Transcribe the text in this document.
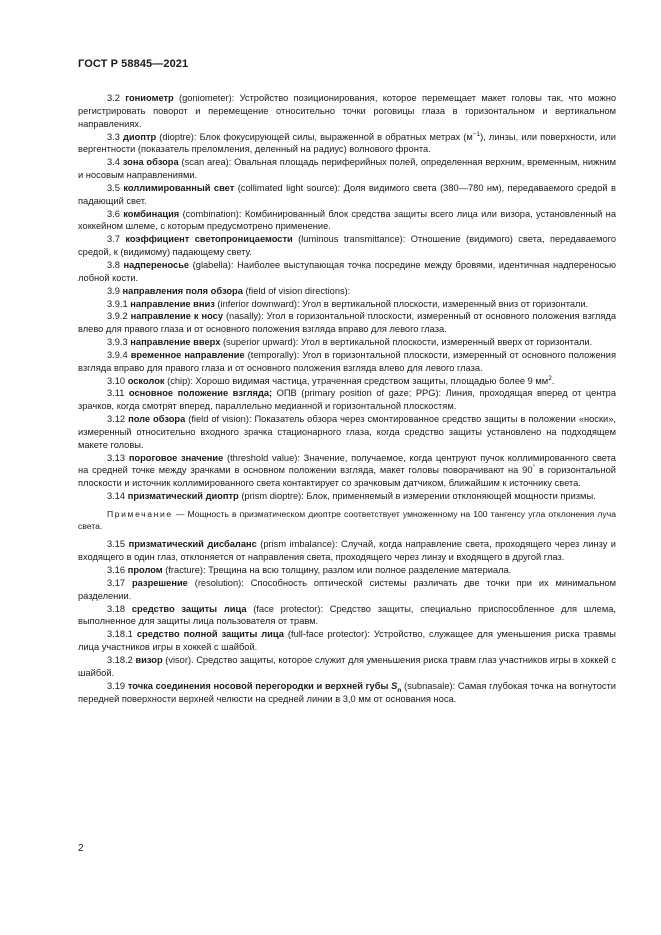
ГОСТ Р 58845—2021

3.2 гониометр (goniometer): Устройство позиционирования, которое перемещает макет головы так, что можно регистрировать поворот и перемещение относительно точки роговицы глаза в горизонтальном и вертикальном направлениях.

3.3 диоптр (dioptre): Блок фокусирующей силы, выраженной в обратных метрах $(м^{-1})$, линзы, или поверхности, или вергентности (показатель преломления, деленный на радиус) волнового фронта.

3.4 зона обзора (scan area): Овальная площадь периферийных полей, определенная верхним, временным, нижним и носовым направлениями.

3.5 коллимированный свет (collimated light source): Доля видимого света (380—780 нм), передаваемого средой в падающий свет.

3.6 комбинация (combination): Комбинированный блок средства защиты всего лица или визора, установленный на хоккейном шлеме, с которым предусмотрено применение.

3.7 коэффициент светопроницаемости (luminous transmittance): Отношение (видимого) света, передаваемого средой, к (видимому) падающему свету.

3.8 надпереносье (glabella): Наиболее выступающая точка посредине между бровями, идентичная надпереносью лобной кости.

3.9 направления поля обзора (field of vision directions):

3.9.1 направление вниз (inferior downward): Угол в вертикальной плоскости, измеренный вниз от горизонтали.

3.9.2 направление к носу (nasally): Угол в горизонтальной плоскости, измеренный от основного положения взгляда влево для правого глаза и от основного положения взгляда вправо для левого глаза.

3.9.3 направление вверх (superior upward): Угол в вертикальной плоскости, измеренный вверх от горизонтали.

3.9.4 временное направление (temporally): Угол в горизонтальной плоскости, измеренный от основного положения взгляда вправо для правого глаза и от основного положения взгляда влево для левого глаза.

3.10 осколок (chip): Хорошо видимая частица, утраченная средством защиты, площадью более 9 $мм^2$.

3.11 основное положение взгляда; ОПВ (primary position of gaze; PPG): Линия, проходящая вперед от центра зрачков, когда смотрят вперед, параллельно медианной и горизонтальной плоскостям.

3.12 поле обзора (field of vision): Показатель обзора через смонтированное средство защиты в положении «носки», измеренный относительно входного зрачка стационарного глаза, когда средство защиты установлено на подходящем макете головы.

3.13 пороговое значение (threshold value): Значение, получаемое, когда центруют пучок коллимированного света на средней точке между зрачками в основном положении взгляда, макет головы поворачивают на 90° в горизонтальной плоскости и источник коллимированного света контактирует со зрачковым датчиком, ближайшим к источнику света.

3.14 призматический диоптр (prism dioptre): Блок, применяемый в измерении отклоняющей мощности призмы.

Примечание — Мощность в призматическом диоптре соответствует умноженному на 100 тангенсу угла отклонения луча света.

3.15 призматический дисбаланс (prism imbalance): Случай, когда направление света, проходящего через линзу и входящего в один глаз, отклоняется от направления света, проходящего через линзу и входящего в другой глаз.

3.16 пролом (fracture): Трещина на всю толщину, разлом или полное разделение материала.

3.17 разрешение (resolution): Способность оптической системы различать две точки при их минимальном разделении.

3.18 средство защиты лица (face protector): Средство защиты, специально приспособленное для шлема, выполненное для защиты лица пользователя от травм.

3.18.1 средство полной защиты лица (full-face protector): Устройство, служащее для уменьшения риска травмы лица участников игры в хоккей с шайбой.

3.18.2 визор (visor). Средство защиты, которое служит для уменьшения риска травм глаз участников игры в хоккей с шайбой.

3.19 точка соединения носовой перегородки и верхней губы $S_n$ (subnasale): Самая глубокая точка на вогнутости передней поверхности верхней челюсти на средней линии в 3,0 мм от основания носа.

2
